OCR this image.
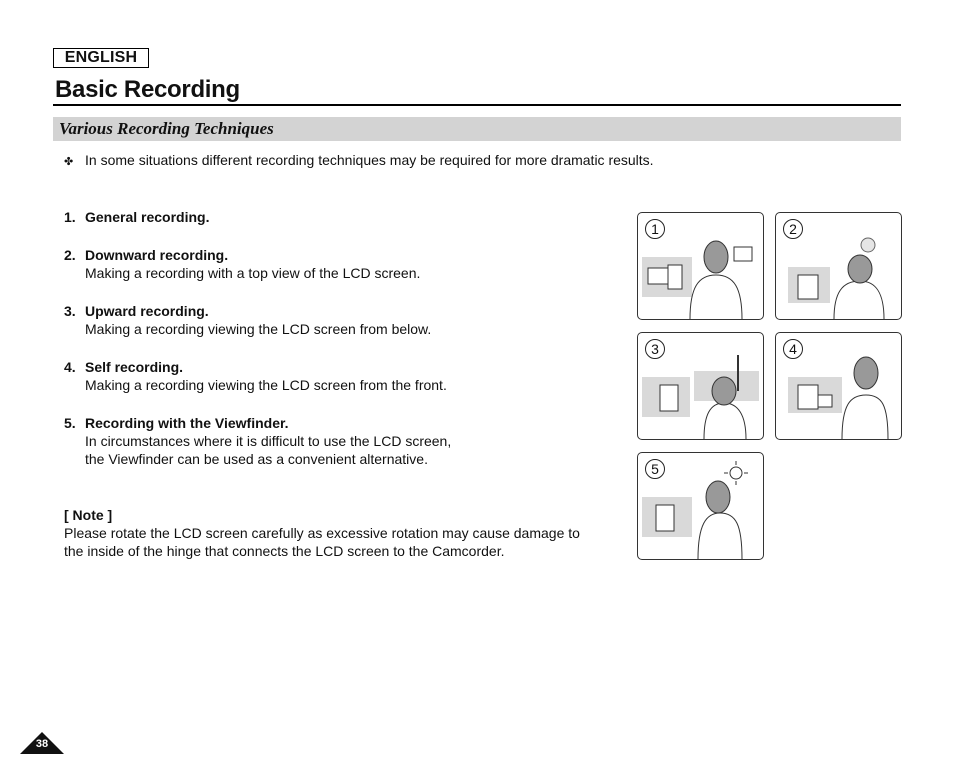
ENGLISH
Basic Recording
Various Recording Techniques
✤ In some situations different recording techniques may be required for more dramatic results.
1. General recording.
2. Downward recording.
Making a recording with a top view of the LCD screen.
3. Upward recording.
Making a recording viewing the LCD screen from below.
4. Self recording.
Making a recording viewing the LCD screen from the front.
5. Recording with the Viewfinder.
In circumstances where it is difficult to use the LCD screen,
the Viewfinder can be used as a convenient alternative.
[ Note ]
Please rotate the LCD screen carefully as excessive rotation may cause damage to the inside of the hinge that connects the LCD screen to the Camcorder.
1	2
3	4
5
38
